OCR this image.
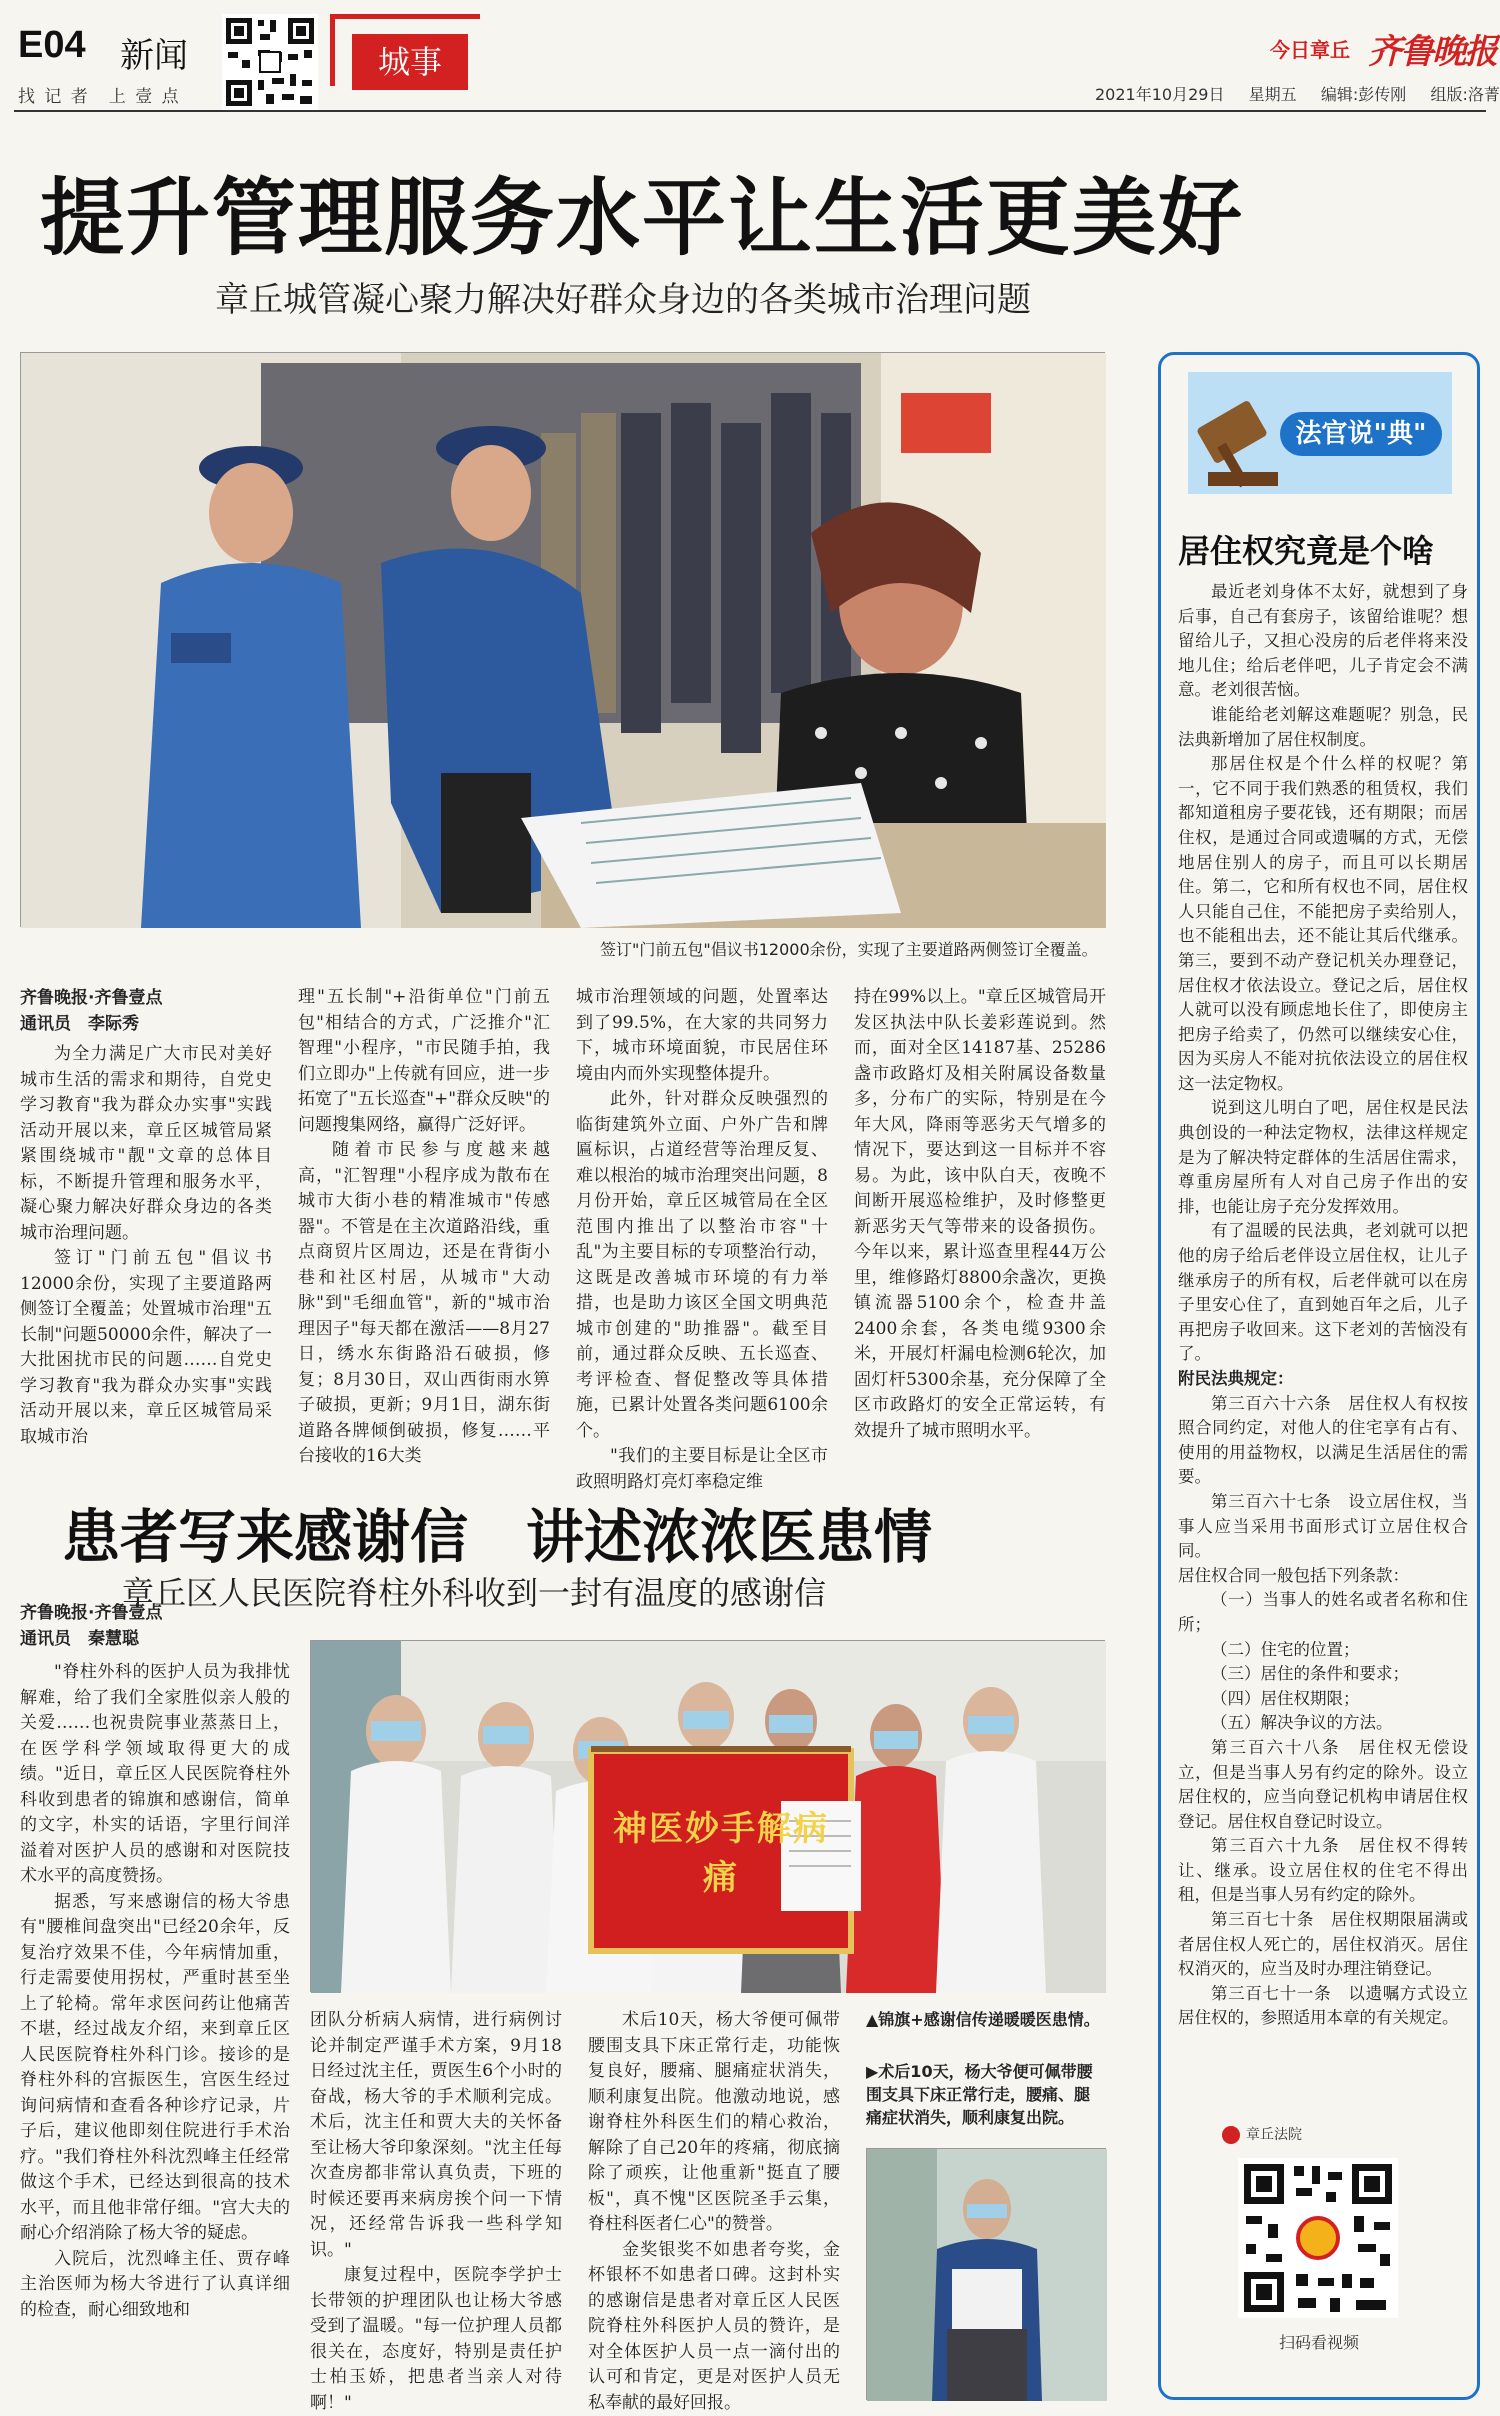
E04 新闻
找 记 者　上 壹 点
城事	今日章丘 齐鲁晚报
2021年10月29日 星期五 编辑:彭传刚 组版:洛菁
提升管理服务水平让生活更美好
章丘城管凝心聚力解决好群众身边的各类城市治理问题
签订"门前五包"倡议书12000余份，实现了主要道路两侧签订全覆盖。
齐鲁晚报·齐鲁壹点
通讯员　李际秀

为全力满足广大市民对美好城市生活的需求和期待，自党史学习教育"我为群众办实事"实践活动开展以来，章丘区城管局紧紧围绕城市"靓"文章的总体目标，不断提升管理和服务水平，凝心聚力解决好群众身边的各类城市治理问题。

签订"门前五包"倡议书12000余份，实现了主要道路两侧签订全覆盖；处置城市治理"五长制"问题50000余件，解决了一大批困扰市民的问题……自党史学习教育"我为群众办实事"实践活动开展以来，章丘区城管局采取城市治

理"五长制"+沿街单位"门前五包"相结合的方式，广泛推介"汇智理"小程序，"市民随手拍，我们立即办"上传就有回应，进一步拓宽了"五长巡查"+"群众反映"的问题搜集网络，赢得广泛好评。

随着市民参与度越来越高，"汇智理"小程序成为散布在城市大街小巷的精准城市"传感器"。不管是在主次道路沿线，重点商贸片区周边，还是在背街小巷和社区村居，从城市"大动脉"到"毛细血管"，新的"城市治理因子"每天都在激活——8月27日，绣水东街路沿石破损，修复；8月30日，双山西街雨水箅子破损，更新；9月1日，湖东街道路各牌倾倒破损，修复……平台接收的16大类

城市治理领域的问题，处置率达到了99.5%，在大家的共同努力下，城市环境面貌，市民居住环境由内而外实现整体提升。

此外，针对群众反映强烈的临街建筑外立面、户外广告和牌匾标识，占道经营等治理反复、难以根治的城市治理突出问题，8月份开始，章丘区城管局在全区范围内推出了以整治市容"十乱"为主要目标的专项整治行动，这既是改善城市环境的有力举措，也是助力该区全国文明典范城市创建的"助推器"。截至目前，通过群众反映、五长巡查、考评检查、督促整改等具体措施，已累计处置各类问题6100余个。

"我们的主要目标是让全区市政照明路灯亮灯率稳定维

持在99%以上。"章丘区城管局开发区执法中队长姜彩莲说到。然而，面对全区14187基、25286盏市政路灯及相关附属设备数量多，分布广的实际，特别是在今年大风，降雨等恶劣天气增多的情况下，要达到这一目标并不容易。为此，该中队白天，夜晚不间断开展巡检维护，及时修整更新恶劣天气等带来的设备损伤。今年以来，累计巡查里程44万公里，维修路灯8800余盏次，更换镇流器5100余个，检查井盖2400余套，各类电缆9300余米，开展灯杆漏电检测6轮次，加固灯杆5300余基，充分保障了全区市政路灯的安全正常运转，有效提升了城市照明水平。

患者写来感谢信　讲述浓浓医患情
章丘区人民医院脊柱外科收到一封有温度的感谢信
齐鲁晚报·齐鲁壹点
通讯员　秦慧聪

"脊柱外科的医护人员为我排忧解难，给了我们全家胜似亲人般的关爱……也祝贵院事业蒸蒸日上，在医学科学领域取得更大的成绩。"近日，章丘区人民医院脊柱外科收到患者的锦旗和感谢信，简单的文字，朴实的话语，字里行间洋溢着对医护人员的感谢和对医院技术水平的高度赞扬。

据悉，写来感谢信的杨大爷患有"腰椎间盘突出"已经20余年，反复治疗效果不佳，今年病情加重，行走需要使用拐杖，严重时甚至坐上了轮椅。常年求医问药让他痛苦不堪，经过战友介绍，来到章丘区人民医院脊柱外科门诊。接诊的是脊柱外科的宫振医生，宫医生经过询问病情和查看各种诊疗记录，片子后，建议他即刻住院进行手术治疗。"我们脊柱外科沈烈峰主任经常做这个手术，已经达到很高的技术水平，而且他非常仔细。"宫大夫的耐心介绍消除了杨大爷的疑虑。

入院后，沈烈峰主任、贾存峰主治医师为杨大爷进行了认真详细的检查，耐心细致地和

神医妙手解病痛

团队分析病人病情，进行病例讨论并制定严谨手术方案，9月18日经过沈主任，贾医生6个小时的奋战，杨大爷的手术顺利完成。术后，沈主任和贾大夫的关怀备至让杨大爷印象深刻。"沈主任每次查房都非常认真负责，下班的时候还要再来病房挨个问一下情况，还经常告诉我一些科学知识。"

康复过程中，医院李学护士长带领的护理团队也让杨大爷感受到了温暖。"每一位护理人员都很关在，态度好，特别是责任护士柏玉娇，把患者当亲人对待啊！"

术后10天，杨大爷便可佩带腰围支具下床正常行走，功能恢复良好，腰痛、腿痛症状消失，顺利康复出院。他激动地说，感谢脊柱外科医生们的精心救治，解除了自己20年的疼痛，彻底摘除了顽疾，让他重新"挺直了腰板"，真不愧"区医院圣手云集，脊柱科医者仁心"的赞誉。

金奖银奖不如患者夸奖，金杯银杯不如患者口碑。这封朴实的感谢信是患者对章丘区人民医院脊柱外科医护人员的赞许，是对全体医护人员一点一滴付出的认可和肯定，更是对医护人员无私奉献的最好回报。

▲锦旗+感谢信传递暖暖医患情。
▶术后10天，杨大爷便可佩带腰围支具下床正常行走，腰痛、腿痛症状消失，顺利康复出院。
法官说"典"
居住权究竟是个啥

最近老刘身体不太好，就想到了身后事，自己有套房子，该留给谁呢？想留给儿子，又担心没房的后老伴将来没地儿住；给后老伴吧，儿子肯定会不满意。老刘很苦恼。

谁能给老刘解这难题呢？别急，民法典新增加了居住权制度。

那居住权是个什么样的权呢？第一，它不同于我们熟悉的租赁权，我们都知道租房子要花钱，还有期限；而居住权，是通过合同或遗嘱的方式，无偿地居住别人的房子，而且可以长期居住。第二，它和所有权也不同，居住权人只能自己住，不能把房子卖给别人，也不能租出去，还不能让其后代继承。第三，要到不动产登记机关办理登记，居住权才依法设立。登记之后，居住权人就可以没有顾虑地长住了，即使房主把房子给卖了，仍然可以继续安心住，因为买房人不能对抗依法设立的居住权这一法定物权。

说到这儿明白了吧，居住权是民法典创设的一种法定物权，法律这样规定是为了解决特定群体的生活居住需求，尊重房屋所有人对自己房子作出的安排，也能让房子充分发挥效用。

有了温暖的民法典，老刘就可以把他的房子给后老伴设立居住权，让儿子继承房子的所有权，后老伴就可以在房子里安心住了，直到她百年之后，儿子再把房子收回来。这下老刘的苦恼没有了。

附民法典规定：

第三百六十六条　居住权人有权按照合同约定，对他人的住宅享有占有、使用的用益物权，以满足生活居住的需要。

第三百六十七条　设立居住权，当事人应当采用书面形式订立居住权合同。

居住权合同一般包括下列条款：

（一）当事人的姓名或者名称和住所；

（二）住宅的位置；

（三）居住的条件和要求；

（四）居住权期限；

（五）解决争议的方法。

第三百六十八条　居住权无偿设立，但是当事人另有约定的除外。设立居住权的，应当向登记机构申请居住权登记。居住权自登记时设立。

第三百六十九条　居住权不得转让、继承。设立居住权的住宅不得出租，但是当事人另有约定的除外。

第三百七十条　居住权期限届满或者居住权人死亡的，居住权消灭。居住权消灭的，应当及时办理注销登记。

第三百七十一条　以遗嘱方式设立居住权的，参照适用本章的有关规定。

章丘法院
扫码看视频
